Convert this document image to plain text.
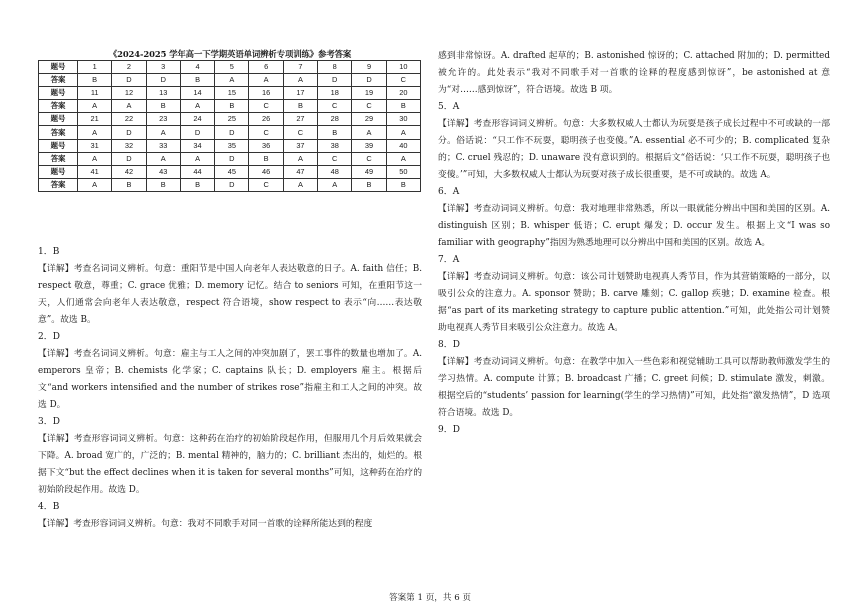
《2024-2025 学年高一下学期英语单词辨析专项训练》参考答案
题号	1	2	3	4	5	6	7	8	9	10
答案	B	D	D	B	A	A	A	D	D	C
题号	11	12	13	14	15	16	17	18	19	20
答案	A	A	B	A	B	C	B	C	C	B
题号	21	22	23	24	25	26	27	28	29	30
答案	A	D	A	D	D	C	C	B	A	A
题号	31	32	33	34	35	36	37	38	39	40
答案	A	D	A	A	D	B	A	C	C	A
题号	41	42	43	44	45	46	47	48	49	50
答案	A	B	B	B	D	C	A	A	B	B

1．B

【详解】考查名词词义辨析。句意：重阳节是中国人向老年人表达敬意的日子。A. faith 信任；B. respect 敬意，尊重；C. grace 优雅；D. memory 记忆。结合 to seniors 可知，在重阳节这一天，人们通常会向老年人表达敬意，respect 符合语境，show respect to 表示“向……表达敬意”。故选 B。

2．D

【详解】考查名词词义辨析。句意：雇主与工人之间的冲突加剧了，罢工事件的数量也增加了。A. emperors 皇帝；B. chemists 化学家；C. captains 队长；D. employers 雇主。根据后文“and workers intensified and the number of strikes rose”指雇主和工人之间的冲突。故选 D。

3．D

【详解】考查形容词词义辨析。句意：这种药在治疗的初始阶段起作用，但服用几个月后效果就会下降。A. broad 宽广的，广泛的；B. mental 精神的，脑力的；C. brilliant 杰出的，灿烂的。根据下文“but the effect declines when it is taken for several months”可知，这种药在治疗的初始阶段起作用。故选 D。

4．B

【详解】考查形容词词义辨析。句意：我对不同歌手对同一首歌的诠释所能达到的程度

感到非常惊讶。A. drafted 起草的；B. astonished 惊讶的；C. attached 附加的；D. permitted 被允许的。此处表示“我对不同歌手对一首歌的诠释的程度感到惊讶”，be astonished at 意为“对……感到惊讶”，符合语境。故选 B 项。

5．A

【详解】考查形容词词义辨析。句意：大多数权威人士都认为玩耍是孩子成长过程中不可或缺的一部分。俗话说：“只工作不玩耍，聪明孩子也变傻。”A. essential 必不可少的；B. complicated 复杂的；C. cruel 残忍的；D. unaware 没有意识到的。根据后文“俗话说：‘只工作不玩耍，聪明孩子也变傻。’”可知，大多数权威人士都认为玩耍对孩子成长很重要，是不可或缺的。故选 A。

6．A

【详解】考查动词词义辨析。句意：我对地理非常熟悉，所以一眼就能分辨出中国和美国的区别。A. distinguish 区别；B. whisper 低语；C. erupt 爆发；D. occur 发生。根据上文“I was so familiar with geography”指因为熟悉地理可以分辨出中国和美国的区别。故选 A。

7．A

【详解】考查动词词义辨析。句意：该公司计划赞助电视真人秀节目，作为其营销策略的一部分，以吸引公众的注意力。A. sponsor 赞助；B. carve 雕刻；C. gallop 疾驰；D. examine 检查。根据“as part of its marketing strategy to capture public attention.”可知，此处指公司计划赞助电视真人秀节目来吸引公众注意力。故选 A。

8．D

【详解】考查动词词义辨析。句意：在教学中加入一些色彩和视觉辅助工具可以帮助教师激发学生的学习热情。A. compute 计算；B. broadcast 广播；C. greet 问候；D. stimulate 激发，刺激。根据空后的“students’ passion for learning(学生的学习热情)”可知，此处指“激发热情”，D 选项符合语境。故选 D。

9．D

答案第 1 页，共 6 页
